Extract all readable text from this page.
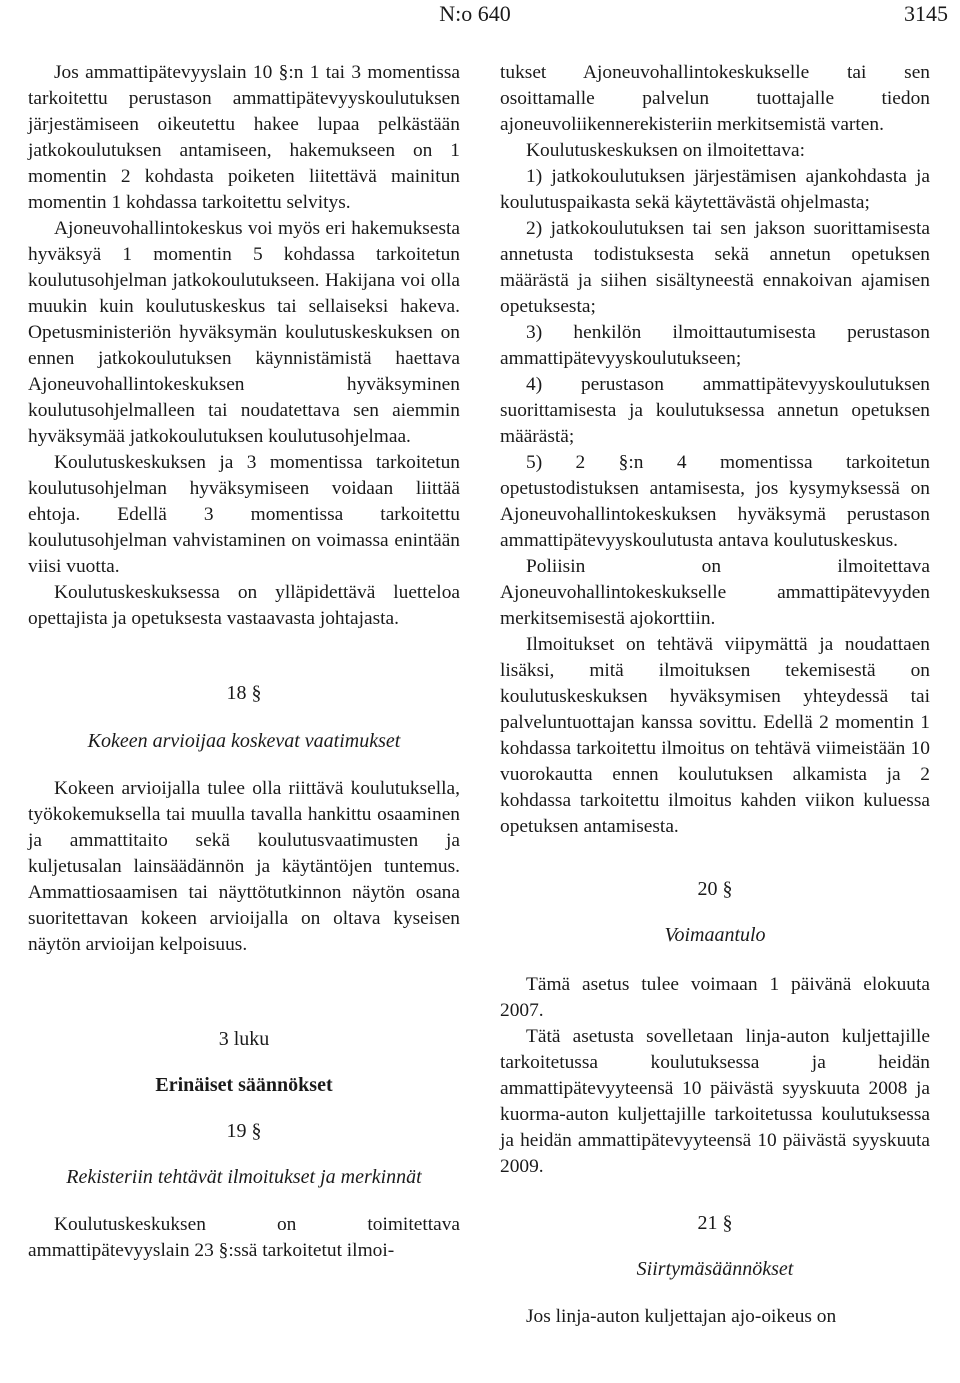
N:o 640	3145

Jos ammattipätevyyslain 10 §:n 1 tai 3 momentissa tarkoitettu perustason ammattipätevyyskoulutuksen järjestämiseen oikeutettu hakee lupaa pelkästään jatkokoulutuksen antamiseen, hakemukseen on 1 momentin 2 kohdasta poiketen liitettävä mainitun momentin 1 kohdassa tarkoitettu selvitys.

Ajoneuvohallintokeskus voi myös eri hakemuksesta hyväksyä 1 momentin 5 kohdassa tarkoitetun koulutusohjelman jatkokoulutukseen. Hakijana voi olla muukin kuin koulutuskeskus tai sellaiseksi hakeva. Opetusministeriön hyväksymän koulutuskeskuksen on ennen jatkokoulutuksen käynnistämistä haettava Ajoneuvohallintokeskuksen hyväksyminen koulutusohjelmalleen tai noudatettava sen aiemmin hyväksymää jatkokoulutuksen koulutusohjelmaa.

Koulutuskeskuksen ja 3 momentissa tarkoitetun koulutusohjelman hyväksymiseen voidaan liittää ehtoja. Edellä 3 momentissa tarkoitettu koulutusohjelman vahvistaminen on voimassa enintään viisi vuotta.

Koulutuskeskuksessa on ylläpidettävä luetteloa opettajista ja opetuksesta vastaavasta johtajasta.

18 §

Kokeen arvioijaa koskevat vaatimukset

Kokeen arvioijalla tulee olla riittävä koulutuksella, työkokemuksella tai muulla tavalla hankittu osaaminen ja ammattitaito sekä koulutusvaatimusten ja kuljetusalan lainsäädännön ja käytäntöjen tuntemus. Ammattiosaamisen tai näyttötutkinnon näytön osana suoritettavan kokeen arvioijalla on oltava kyseisen näytön arvioijan kelpoisuus.

3 luku

Erinäiset säännökset

19 §

Rekisteriin tehtävät ilmoitukset ja merkinnät

Koulutuskeskuksen on toimitettava ammattipätevyyslain 23 §:ssä tarkoitetut ilmoi-

tukset Ajoneuvohallintokeskukselle tai sen osoittamalle palvelun tuottajalle tiedon ajoneuvoliikennerekisteriin merkitsemistä varten.

Koulutuskeskuksen on ilmoitettava:

1) jatkokoulutuksen järjestämisen ajankohdasta ja koulutuspaikasta sekä käytettävästä ohjelmasta;

2) jatkokoulutuksen tai sen jakson suorittamisesta annetusta todistuksesta sekä annetun opetuksen määrästä ja siihen sisältyneestä ennakoivan ajamisen opetuksesta;

3) henkilön ilmoittautumisesta perustason ammattipätevyyskoulutukseen;

4) perustason ammattipätevyyskoulutuksen suorittamisesta ja koulutuksessa annetun opetuksen määrästä;

5) 2 §:n 4 momentissa tarkoitetun opetustodistuksen antamisesta, jos kysymyksessä on Ajoneuvohallintokeskuksen hyväksymä perustason ammattipätevyyskoulutusta antava koulutuskeskus.

Poliisin on ilmoitettava Ajoneuvohallintokeskukselle ammattipätevyyden merkitsemisestä ajokorttiin.

Ilmoitukset on tehtävä viipymättä ja noudattaen lisäksi, mitä ilmoituksen tekemisestä on koulutuskeskuksen hyväksymisen yhteydessä tai palveluntuottajan kanssa sovittu. Edellä 2 momentin 1 kohdassa tarkoitettu ilmoitus on tehtävä viimeistään 10 vuorokautta ennen koulutuksen alkamista ja 2 kohdassa tarkoitettu ilmoitus kahden viikon kuluessa opetuksen antamisesta.

20 §

Voimaantulo

Tämä asetus tulee voimaan 1 päivänä elokuuta 2007.

Tätä asetusta sovelletaan linja-auton kuljettajille tarkoitetussa koulutuksessa ja heidän ammattipätevyyteensä 10 päivästä syyskuuta 2008 ja kuorma-auton kuljettajille tarkoitetussa koulutuksessa ja heidän ammattipätevyyteensä 10 päivästä syyskuuta 2009.

21 §

Siirtymäsäännökset

Jos linja-auton kuljettajan ajo-oikeus on
